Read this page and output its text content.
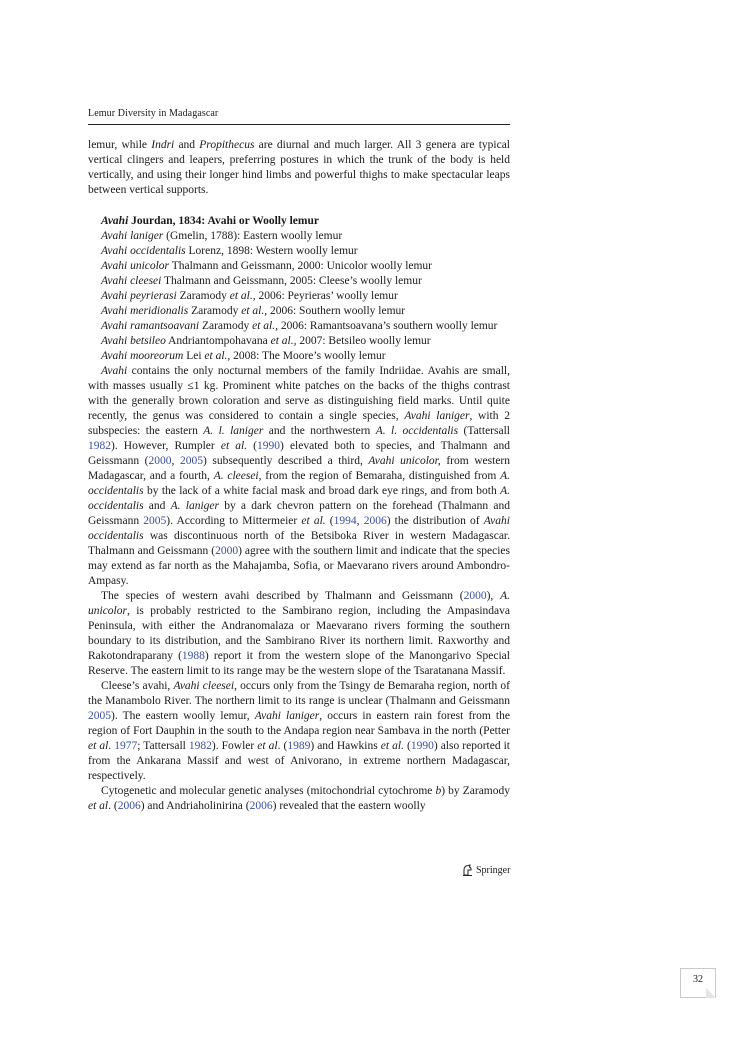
Lemur Diversity in Madagascar

lemur, while Indri and Propithecus are diurnal and much larger. All 3 genera are typical vertical clingers and leapers, preferring postures in which the trunk of the body is held vertically, and using their longer hind limbs and powerful thighs to make spectacular leaps between vertical supports.

Avahi Jourdan, 1834: Avahi or Woolly lemur
Avahi laniger (Gmelin, 1788): Eastern woolly lemur
Avahi occidentalis Lorenz, 1898: Western woolly lemur
Avahi unicolor Thalmann and Geissmann, 2000: Unicolor woolly lemur
Avahi cleesei Thalmann and Geissmann, 2005: Cleese’s woolly lemur
Avahi peyrierasi Zaramody et al., 2006: Peyrieras’ woolly lemur
Avahi meridionalis Zaramody et al., 2006: Southern woolly lemur
Avahi ramantsoavani Zaramody et al., 2006: Ramantsoavana’s southern woolly lemur
Avahi betsileo Andriantompohavana et al., 2007: Betsileo woolly lemur
Avahi mooreorum Lei et al., 2008: The Moore’s woolly lemur

Avahi contains the only nocturnal members of the family Indriidae. Avahis are small, with masses usually ≤1 kg. Prominent white patches on the backs of the thighs contrast with the generally brown coloration and serve as distinguishing field marks. Until quite recently, the genus was considered to contain a single species, Avahi laniger, with 2 subspecies: the eastern A. l. laniger and the northwestern A. l. occidentalis (Tattersall 1982). However, Rumpler et al. (1990) elevated both to species, and Thalmann and Geissmann (2000, 2005) subsequently described a third, Avahi unicolor, from western Madagascar, and a fourth, A. cleesei, from the region of Bemaraha, distinguished from A. occidentalis by the lack of a white facial mask and broad dark eye rings, and from both A. occidentalis and A. laniger by a dark chevron pattern on the forehead (Thalmann and Geissmann 2005). According to Mittermeier et al. (1994, 2006) the distribution of Avahi occidentalis was discontinuous north of the Betsiboka River in western Madagascar. Thalmann and Geissmann (2000) agree with the southern limit and indicate that the species may extend as far north as the Mahajamba, Sofia, or Maevarano rivers around Ambondro-Ampasy.

The species of western avahi described by Thalmann and Geissmann (2000), A. unicolor, is probably restricted to the Sambirano region, including the Ampasindava Peninsula, with either the Andranomalaza or Maevarano rivers forming the southern boundary to its distribution, and the Sambirano River its northern limit. Raxworthy and Rakotondraparany (1988) report it from the western slope of the Manongarivo Special Reserve. The eastern limit to its range may be the western slope of the Tsaratanana Massif.

Cleese’s avahi, Avahi cleesei, occurs only from the Tsingy de Bemaraha region, north of the Manambolo River. The northern limit to its range is unclear (Thalmann and Geissmann 2005). The eastern woolly lemur, Avahi laniger, occurs in eastern rain forest from the region of Fort Dauphin in the south to the Andapa region near Sambava in the north (Petter et al. 1977; Tattersall 1982). Fowler et al. (1989) and Hawkins et al. (1990) also reported it from the Ankarana Massif and west of Anivorano, in extreme northern Madagascar, respectively.

Cytogenetic and molecular genetic analyses (mitochondrial cytochrome b) by Zaramody et al. (2006) and Andriaholinirina (2006) revealed that the eastern woolly

Springer
32
